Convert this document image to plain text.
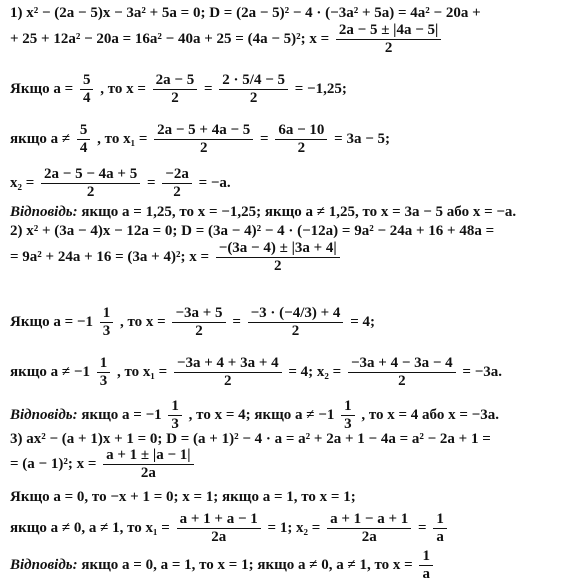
1) x² − (2a − 5)x − 3a² + 5a = 0; D = (2a − 5)² − 4 · (−3a² + 5a) = 4a² − 20a +
+ 25 + 12a² − 20a = 16a² − 40a + 25 = (4a − 5)²; $x = \frac{2a - 5 \pm |4a - 5|}{2}$
Якщо $a = \frac{5}{4}$ , то $x = \frac{2a - 5}{2} = \frac{2 \cdot 5/4 - 5}{2} = -1,25$;
якщо $a \ne \frac{5}{4}$ , то $x_1 = \frac{2a - 5 + 4a - 5}{2} = \frac{6a - 10}{2} = 3a - 5$;
$x_2 = \frac{2a - 5 - 4a + 5}{2} = \frac{-2a}{2} = -a$.
Відповідь: якщо a = 1,25, то x = −1,25; якщо a ≠ 1,25, то x = 3a − 5 або x = −a.
2) x² + (3a − 4)x − 12a = 0; D = (3a − 4)² − 4 · (−12a) = 9a² − 24a + 16 + 48a =
= 9a² + 24a + 16 = (3a + 4)²; $x = \frac{-(3a - 4) \pm |3a + 4|}{2}$
Якщо $a = -1 \frac{1}{3}$ , то $x = \frac{-3a + 5}{2} = \frac{-3 \cdot (-4/3) + 4}{2} = 4$;
якщо $a \ne -1 \frac{1}{3}$ , то $x_1 = \frac{-3a + 4 + 3a + 4}{2} = 4$; $x_2 = \frac{-3a + 4 - 3a - 4}{2} = -3a$.
Відповідь: якщо $a = -1 \frac{1}{3}$ , то x = 4; якщо $a \ne -1 \frac{1}{3}$ , то x = 4 або x = −3a.
3) ax² − (a + 1)x + 1 = 0; D = (a + 1)² − 4 · a = a² + 2a + 1 − 4a = a² − 2a + 1 =
= (a − 1)²; $x = \frac{a + 1 \pm |a - 1|}{2a}$
Якщо a = 0, то −x + 1 = 0; x = 1; якщо a = 1, то x = 1;
якщо a ≠ 0, a ≠ 1, то $x_1 = \frac{a + 1 + a - 1}{2a} = 1$; $x_2 = \frac{a + 1 - a + 1}{2a} = \frac{1}{a}$
Відповідь: якщо a = 0, a = 1, то x = 1; якщо a ≠ 0, a ≠ 1, то $x = \frac{1}{a}$
